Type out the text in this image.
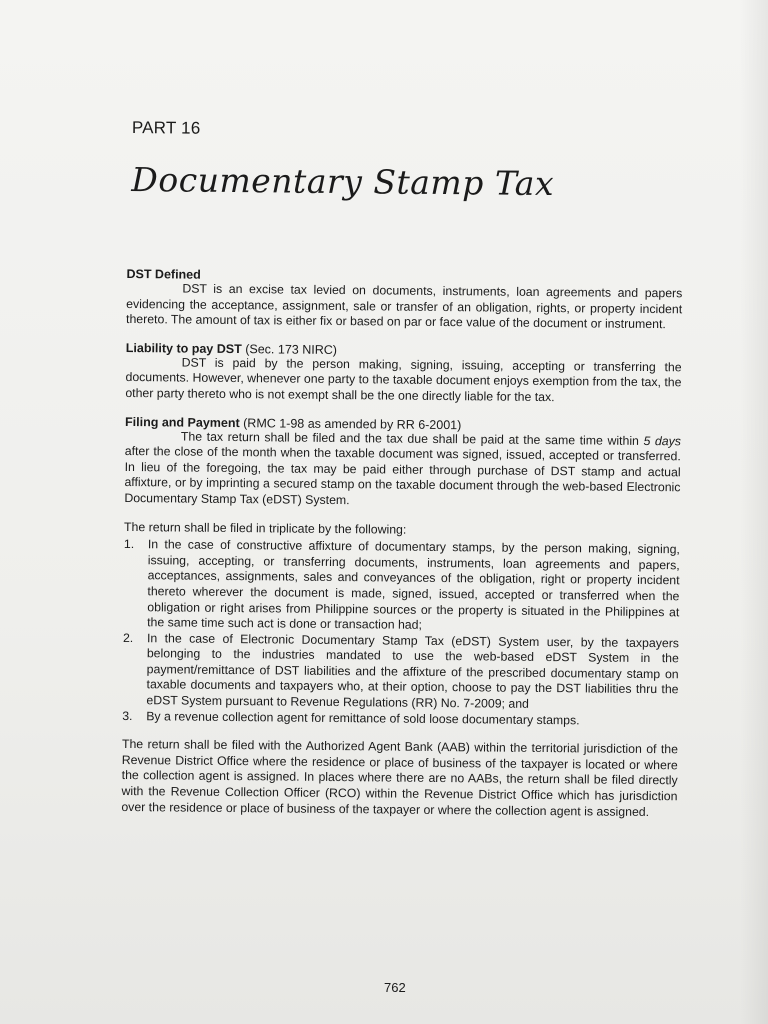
PART 16
Documentary Stamp Tax
DST Defined

DST is an excise tax levied on documents, instruments, loan agreements and papers evidencing the acceptance, assignment, sale or transfer of an obligation, rights, or property incident thereto. The amount of tax is either fix or based on par or face value of the document or instrument.

Liability to pay DST (Sec. 173 NIRC)

DST is paid by the person making, signing, issuing, accepting or transferring the documents. However, whenever one party to the taxable document enjoys exemption from the tax, the other party thereto who is not exempt shall be the one directly liable for the tax.

Filing and Payment (RMC 1-98 as amended by RR 6-2001)

The tax return shall be filed and the tax due shall be paid at the same time within 5 days after the close of the month when the taxable document was signed, issued, accepted or transferred. In lieu of the foregoing, the tax may be paid either through purchase of DST stamp and actual affixture, or by imprinting a secured stamp on the taxable document through the web-based Electronic Documentary Stamp Tax (eDST) System.

The return shall be filed in triplicate by the following:

1. In the case of constructive affixture of documentary stamps, by the person making, signing, issuing, accepting, or transferring documents, instruments, loan agreements and papers, acceptances, assignments, sales and conveyances of the obligation, right or property incident thereto wherever the document is made, signed, issued, accepted or transferred when the obligation or right arises from Philippine sources or the property is situated in the Philippines at the same time such act is done or transaction had;
2. In the case of Electronic Documentary Stamp Tax (eDST) System user, by the taxpayers belonging to the industries mandated to use the web-based eDST System in the payment/remittance of DST liabilities and the affixture of the prescribed documentary stamp on taxable documents and taxpayers who, at their option, choose to pay the DST liabilities thru the eDST System pursuant to Revenue Regulations (RR) No. 7-2009; and
3. By a revenue collection agent for remittance of sold loose documentary stamps.

The return shall be filed with the Authorized Agent Bank (AAB) within the territorial jurisdiction of the Revenue District Office where the residence or place of business of the taxpayer is located or where the collection agent is assigned. In places where there are no AABs, the return shall be filed directly with the Revenue Collection Officer (RCO) within the Revenue District Office which has jurisdiction over the residence or place of business of the taxpayer or where the collection agent is assigned.

762
